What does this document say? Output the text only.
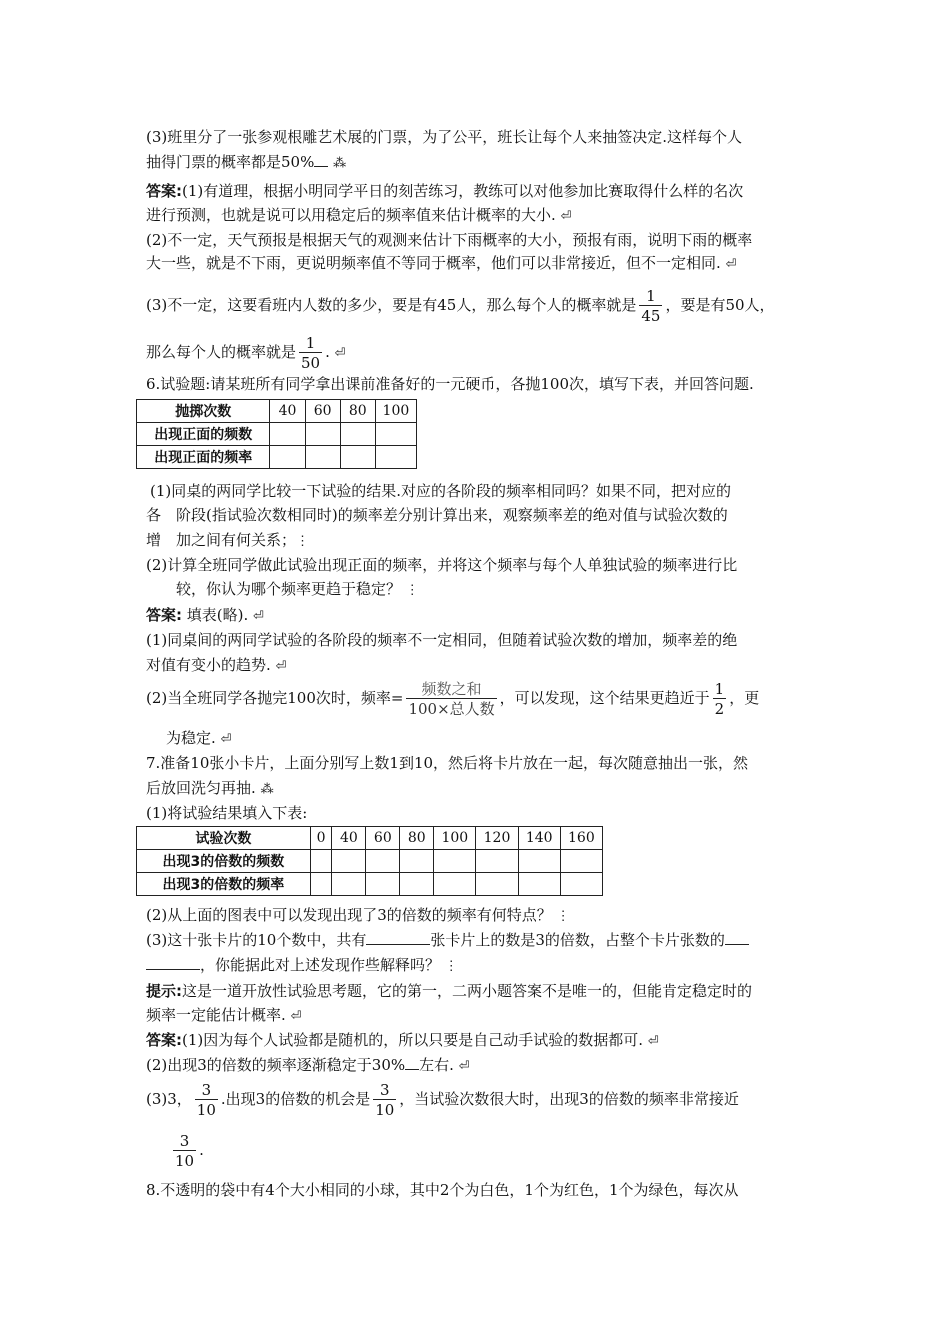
(3)班里分了一张参观根雕艺术展的门票，为了公平，班长让每个人来抽签决定.这样每个人
抽得门票的概率都是50% ⁂
答案:(1)有道理，根据小明同学平日的刻苦练习，教练可以对他参加比赛取得什么样的名次
进行预测，也就是说可以用稳定后的频率值来估计概率的大小. ⏎
(2)不一定，天气预报是根据天气的观测来估计下雨概率的大小，预报有雨，说明下雨的概率
大一些，就是不下雨，更说明频率值不等同于概率，他们可以非常接近，但不一定相同. ⏎
(3)不一定，这要看班内人数的多少，要是有45人，那么每个人的概率就是 $\frac{1}{45}$ ，要是有50人，
那么每个人的概率就是 $\frac{1}{50}$ . ⏎
6.试验题:请某班所有同学拿出课前准备好的一元硬币，各抛100次，填写下表，并回答问题.
抛掷次数	40	60	80	100
出现正面的频数				
出现正面的频率				
(1)同桌的两同学比较一下试验的结果.对应的各阶段的频率相同吗？如果不同，把对应的
各　阶段(指试验次数相同时)的频率差分别计算出来，观察频率差的绝对值与试验次数的
增　加之间有何关系；⋮
(2)计算全班同学做此试验出现正面的频率，并将这个频率与每个人单独试验的频率进行比
较，你认为哪个频率更趋于稳定？ ⋮
答案: 填表(略). ⏎
(1)同桌间的两同学试验的各阶段的频率不一定相同，但随着试验次数的增加，频率差的绝
对值有变小的趋势. ⏎
(2)当全班同学各抛完100次时，频率= $\frac{\text{频数之和}}{\text{100×总人数}}$ ，可以发现，这个结果更趋近于 $\frac{1}{2}$ ，更
为稳定. ⏎
7.准备10张小卡片，上面分别写上数1到10，然后将卡片放在一起，每次随意抽出一张，然
后放回洗匀再抽. ⁂
(1)将试验结果填入下表:
试验次数	0	40	60	80	100	120	140	160
出现3的倍数的频数								
出现3的倍数的频率								
(2)从上面的图表中可以发现出现了3的倍数的频率有何特点？ ⋮
(3)这十张卡片的10个数中，共有	张卡片上的数是3的倍数，占整个卡片张数的
，你能据此对上述发现作些解释吗？ ⋮
提示:这是一道开放性试验思考题，它的第一，二两小题答案不是唯一的，但能肯定稳定时的
频率一定能估计概率. ⏎
答案:(1)因为每个人试验都是随机的，所以只要是自己动手试验的数据都可. ⏎
(2)出现3的倍数的频率逐渐稳定于30% 左右. ⏎
(3)3， $\frac{3}{10}$ .出现3的倍数的机会是 $\frac{3}{10}$ ，当试验次数很大时，出现3的倍数的频率非常接近
$\frac{3}{10}$ .
8.不透明的袋中有4个大小相同的小球，其中2个为白色，1个为红色，1个为绿色，每次从
